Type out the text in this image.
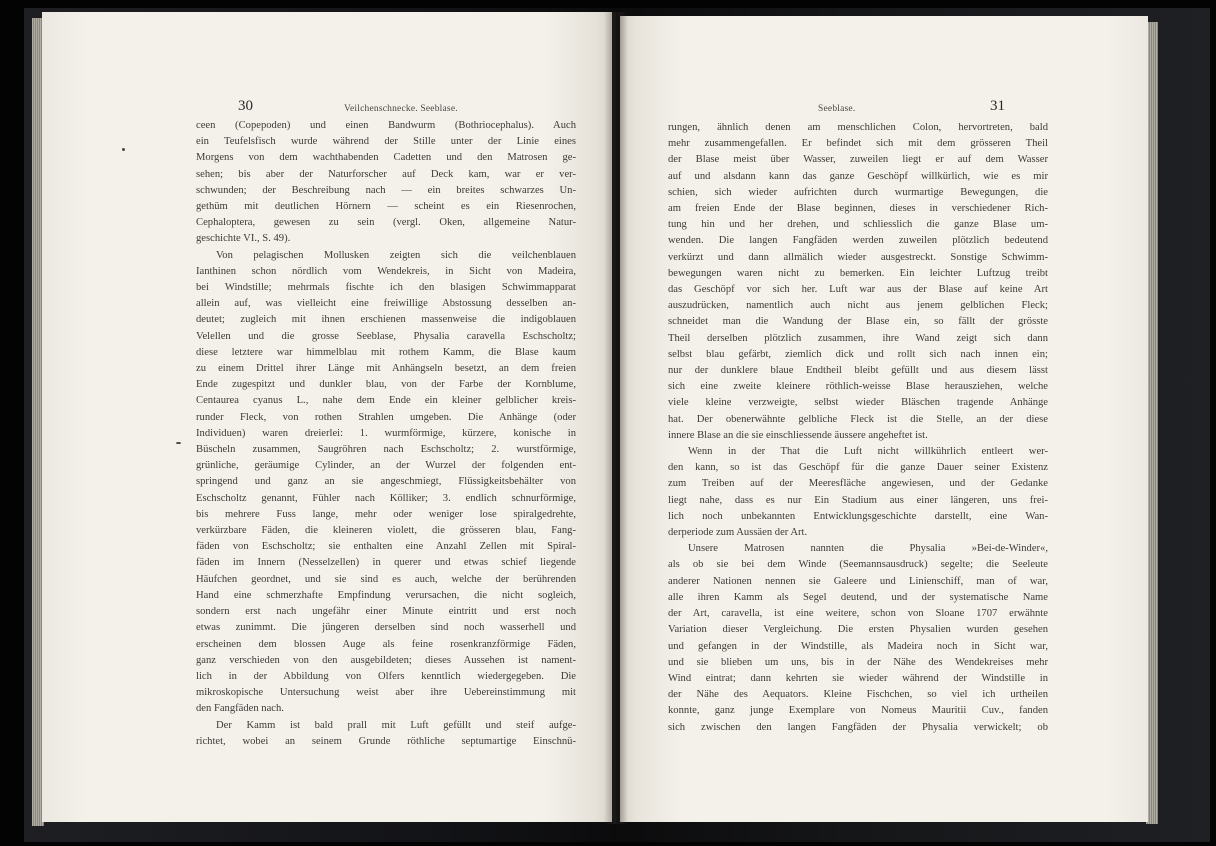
30	Veilchenschnecke. Seeblase.	Seeblase.	31
ceen (Copepoden) und einen Bandwurm (Bothriocephalus). Auch
ein Teufelsfisch wurde während der Stille unter der Linie eines
Morgens von dem wachthabenden Cadetten und den Matrosen ge-
sehen; bis aber der Naturforscher auf Deck kam, war er ver-
schwunden; der Beschreibung nach — ein breites schwarzes Un-
gethüm mit deutlichen Hörnern — scheint es ein Riesenrochen,
Cephaloptera, gewesen zu sein (vergl. Oken, allgemeine Natur-
geschichte VI., S. 49).
Von pelagischen Mollusken zeigten sich die veilchenblauen
Ianthinen schon nördlich vom Wendekreis, in Sicht von Madeira,
bei Windstille; mehrmals fischte ich den blasigen Schwimmapparat
allein auf, was vielleicht eine freiwillige Abstossung desselben an-
deutet; zugleich mit ihnen erschienen massenweise die indigoblauen
Velellen und die grosse Seeblase, Physalia caravella Eschscholtz;
diese letztere war himmelblau mit rothem Kamm, die Blase kaum
zu einem Drittel ihrer Länge mit Anhängseln besetzt, an dem freien
Ende zugespitzt und dunkler blau, von der Farbe der Kornblume,
Centaurea cyanus L., nahe dem Ende ein kleiner gelblicher kreis-
runder Fleck, von rothen Strahlen umgeben. Die Anhänge (oder
Individuen) waren dreierlei: 1. wurmförmige, kürzere, konische in
Büscheln zusammen, Saugröhren nach Eschscholtz; 2. wurstförmige,
grünliche, geräumige Cylinder, an der Wurzel der folgenden ent-
springend und ganz an sie angeschmiegt, Flüssigkeitsbehälter von
Eschscholtz genannt, Fühler nach Kölliker; 3. endlich schnurförmige,
bis mehrere Fuss lange, mehr oder weniger lose spiralgedrehte,
verkürzbare Fäden, die kleineren violett, die grösseren blau, Fang-
fäden von Eschscholtz; sie enthalten eine Anzahl Zellen mit Spiral-
fäden im Innern (Nesselzellen) in querer und etwas schief liegende
Häufchen geordnet, und sie sind es auch, welche der berührenden
Hand eine schmerzhafte Empfindung verursachen, die nicht sogleich,
sondern erst nach ungefähr einer Minute eintritt und erst noch
etwas zunimmt. Die jüngeren derselben sind noch wasserhell und
erscheinen dem blossen Auge als feine rosenkranzförmige Fäden,
ganz verschieden von den ausgebildeten; dieses Aussehen ist nament-
lich in der Abbildung von Olfers kenntlich wiedergegeben. Die
mikroskopische Untersuchung weist aber ihre Uebereinstimmung mit
den Fangfäden nach.
Der Kamm ist bald prall mit Luft gefüllt und steif aufge-
richtet, wobei an seinem Grunde röthliche septumartige Einschnü-
rungen, ähnlich denen am menschlichen Colon, hervortreten, bald
mehr zusammengefallen. Er befindet sich mit dem grösseren Theil
der Blase meist über Wasser, zuweilen liegt er auf dem Wasser
auf und alsdann kann das ganze Geschöpf willkürlich, wie es mir
schien, sich wieder aufrichten durch wurmartige Bewegungen, die
am freien Ende der Blase beginnen, dieses in verschiedener Rich-
tung hin und her drehen, und schliesslich die ganze Blase um-
wenden. Die langen Fangfäden werden zuweilen plötzlich bedeutend
verkürzt und dann allmälich wieder ausgestreckt. Sonstige Schwimm-
bewegungen waren nicht zu bemerken. Ein leichter Luftzug treibt
das Geschöpf vor sich her. Luft war aus der Blase auf keine Art
auszudrücken, namentlich auch nicht aus jenem gelblichen Fleck;
schneidet man die Wandung der Blase ein, so fällt der grösste
Theil derselben plötzlich zusammen, ihre Wand zeigt sich dann
selbst blau gefärbt, ziemlich dick und rollt sich nach innen ein;
nur der dunklere blaue Endtheil bleibt gefüllt und aus diesem lässt
sich eine zweite kleinere röthlich-weisse Blase herausziehen, welche
viele kleine verzweigte, selbst wieder Bläschen tragende Anhänge
hat. Der obenerwähnte gelbliche Fleck ist die Stelle, an der diese
innere Blase an die sie einschliessende äussere angeheftet ist.
Wenn in der That die Luft nicht willkührlich entleert wer-
den kann, so ist das Geschöpf für die ganze Dauer seiner Existenz
zum Treiben auf der Meeresfläche angewiesen, und der Gedanke
liegt nahe, dass es nur Ein Stadium aus einer längeren, uns frei-
lich noch unbekannten Entwicklungsgeschichte darstellt, eine Wan-
derperiode zum Aussäen der Art.
Unsere Matrosen nannten die Physalia »Bei-de-Winder«,
als ob sie bei dem Winde (Seemannsausdruck) segelte; die Seeleute
anderer Nationen nennen sie Galeere und Linienschiff, man of war,
alle ihren Kamm als Segel deutend, und der systematische Name
der Art, caravella, ist eine weitere, schon von Sloane 1707 erwähnte
Variation dieser Vergleichung. Die ersten Physalien wurden gesehen
und gefangen in der Windstille, als Madeira noch in Sicht war,
und sie blieben um uns, bis in der Nähe des Wendekreises mehr
Wind eintrat; dann kehrten sie wieder während der Windstille in
der Nähe des Aequators. Kleine Fischchen, so viel ich urtheilen
konnte, ganz junge Exemplare von Nomeus Mauritii Cuv., fanden
sich zwischen den langen Fangfäden der Physalia verwickelt; ob
